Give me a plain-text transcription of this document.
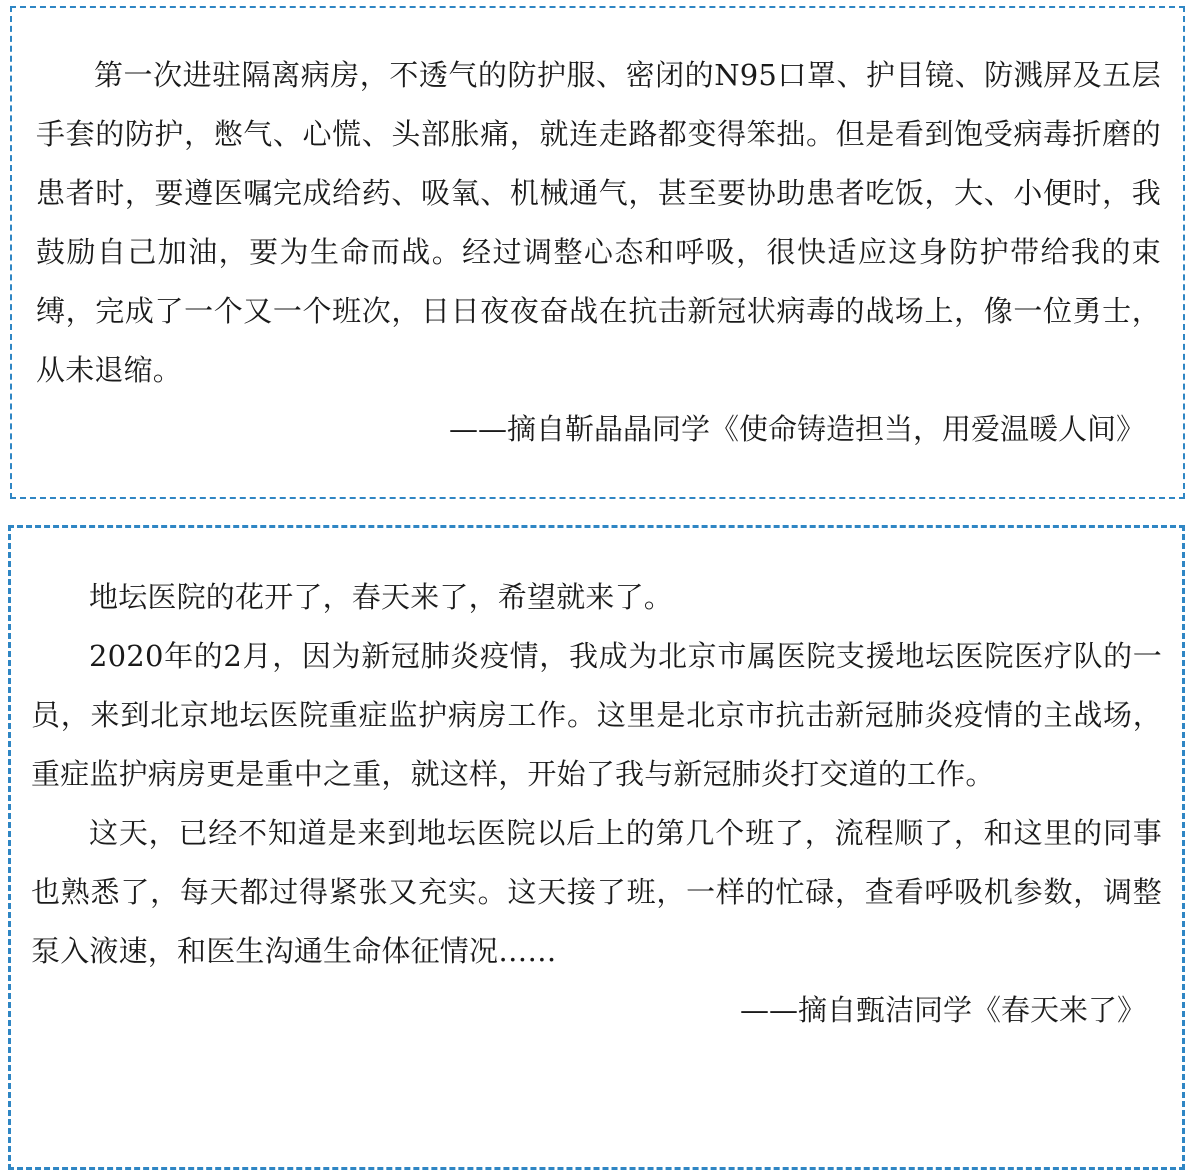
第一次进驻隔离病房，不透气的防护服、密闭的N95口罩、护目镜、防溅屏及五层手套的防护，憋气、心慌、头部胀痛，就连走路都变得笨拙。但是看到饱受病毒折磨的患者时，要遵医嘱完成给药、吸氧、机械通气，甚至要协助患者吃饭，大、小便时，我鼓励自己加油，要为生命而战。经过调整心态和呼吸，很快适应这身防护带给我的束缚，完成了一个又一个班次，日日夜夜奋战在抗击新冠状病毒的战场上，像一位勇士，从未退缩。

——摘自靳晶晶同学《使命铸造担当，用爱温暖人间》

地坛医院的花开了，春天来了，希望就来了。

2020年的2月，因为新冠肺炎疫情，我成为北京市属医院支援地坛医院医疗队的一员，来到北京地坛医院重症监护病房工作。这里是北京市抗击新冠肺炎疫情的主战场，重症监护病房更是重中之重，就这样，开始了我与新冠肺炎打交道的工作。

这天，已经不知道是来到地坛医院以后上的第几个班了，流程顺了，和这里的同事也熟悉了，每天都过得紧张又充实。这天接了班，一样的忙碌，查看呼吸机参数，调整泵入液速，和医生沟通生命体征情况……

——摘自甄洁同学《春天来了》
